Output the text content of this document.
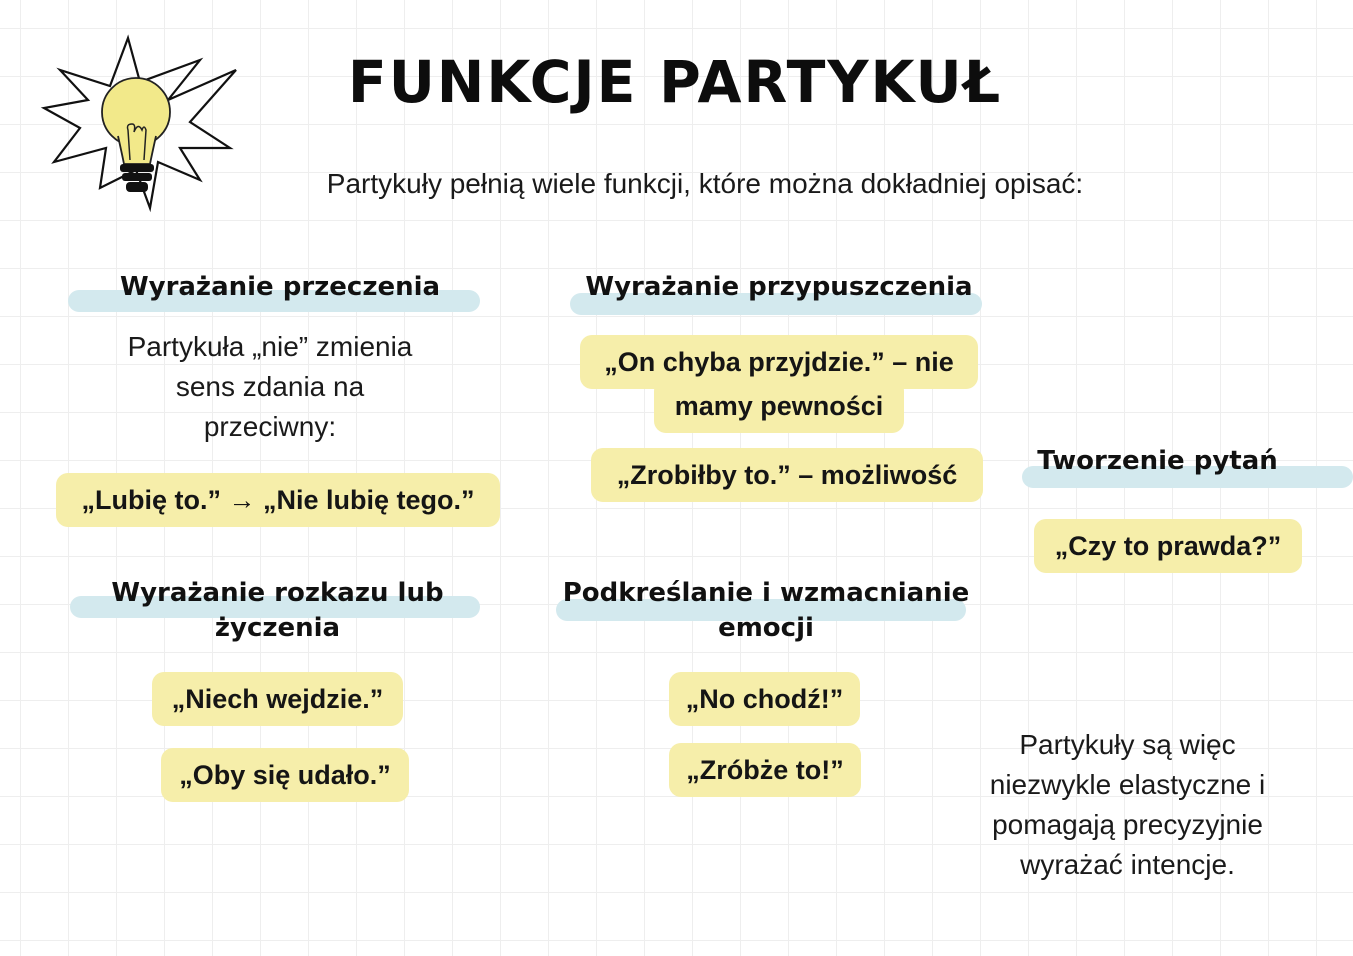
FUNKCJE PARTYKUŁ
Partykuły pełnią wiele funkcji, które można dokładniej opisać:
Wyrażanie przeczenia
Partykuła „nie” zmienia
sens zdania na
przeciwny:
„Lubię to.” → „Nie lubię tego.”
Wyrażanie przypuszczenia
„On chyba przyjdzie.” – nie
mamy pewności
„Zrobiłby to.” – możliwość	Tworzenie pytań
„Czy to prawda?”
Wyrażanie rozkazu lub
życzenia
„Niech wejdzie.”
„Oby się udało.”
Podkreślanie i wzmacnianie
emocji
„No chodź!”
„Zróbże to!”
Partykuły są więc
niezwykle elastyczne i
pomagają precyzyjnie
wyrażać intencje.
